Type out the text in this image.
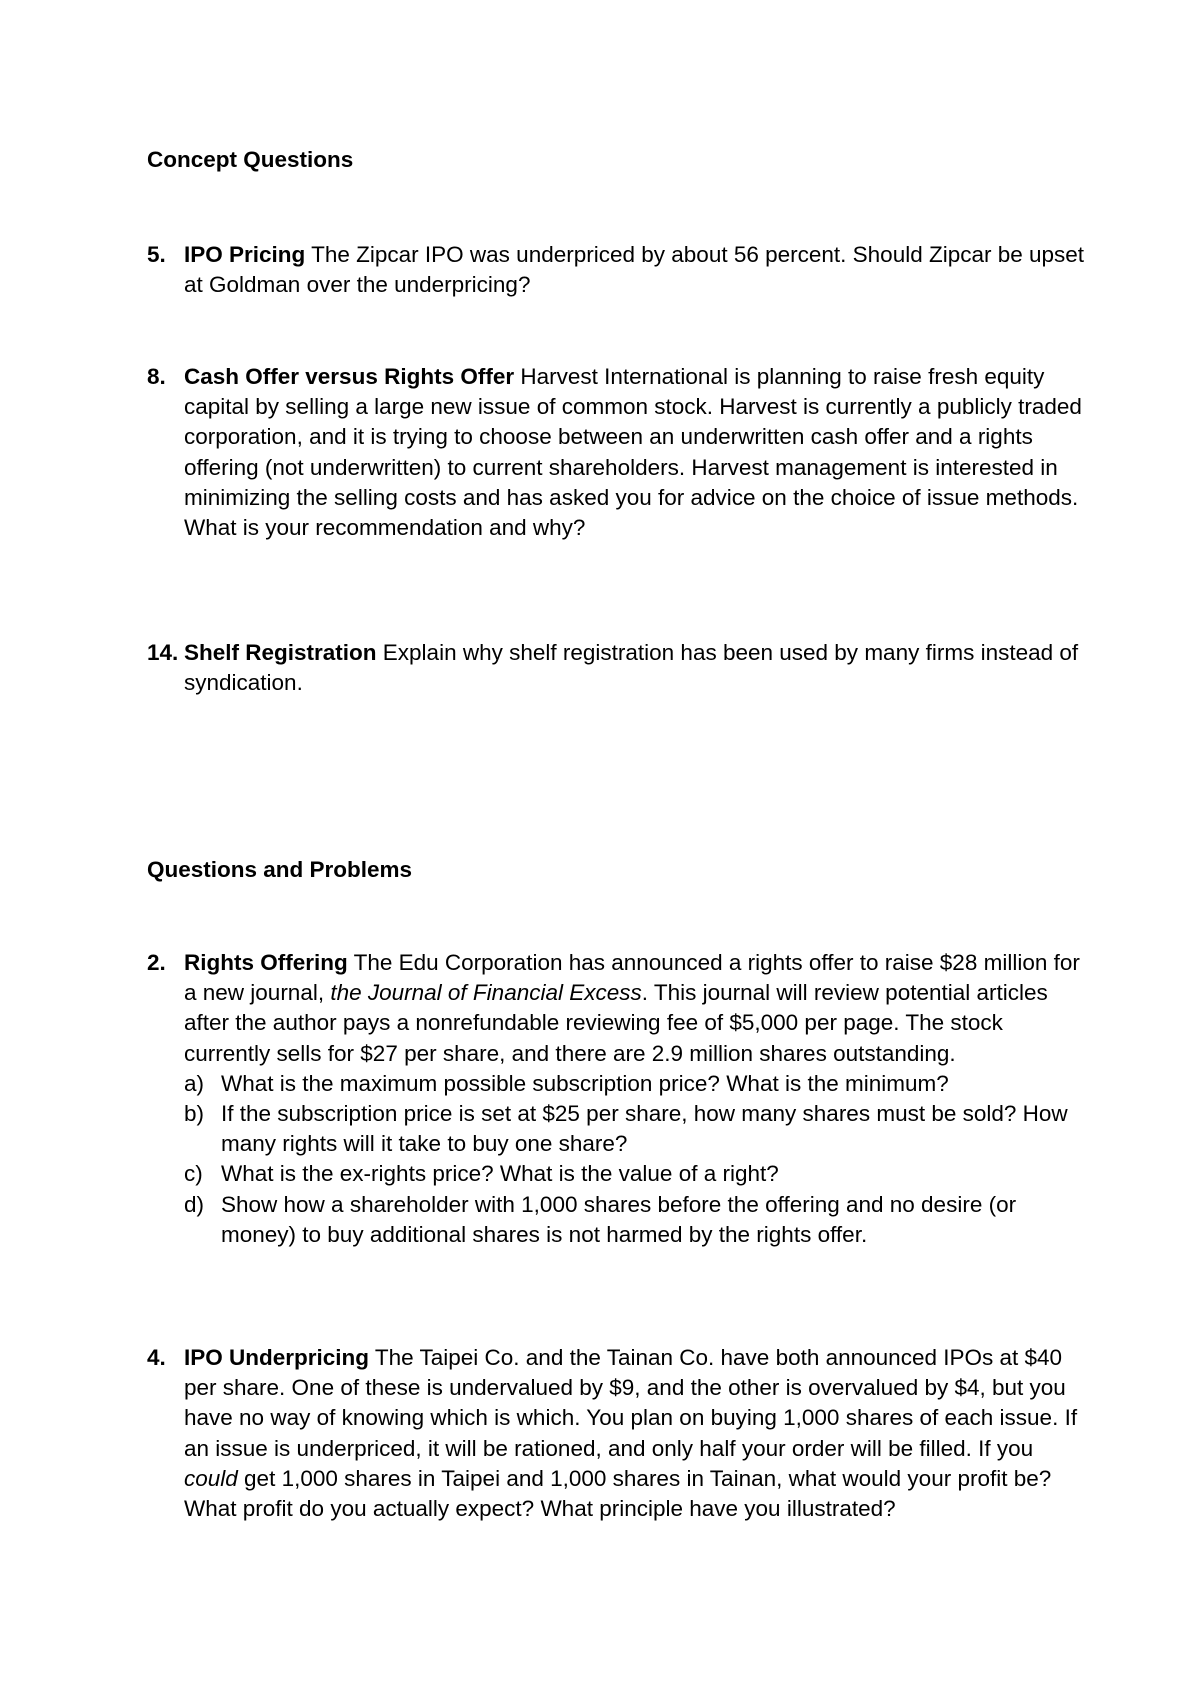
Concept Questions
5. IPO Pricing The Zipcar IPO was underpriced by about 56 percent. Should Zipcar be upset at Goldman over the underpricing?
8. Cash Offer versus Rights Offer Harvest International is planning to raise fresh equity capital by selling a large new issue of common stock. Harvest is currently a publicly traded corporation, and it is trying to choose between an underwritten cash offer and a rights offering (not underwritten) to current shareholders. Harvest management is interested in minimizing the selling costs and has asked you for advice on the choice of issue methods. What is your recommendation and why?
14. Shelf Registration Explain why shelf registration has been used by many firms instead of syndication.
Questions and Problems
2. Rights Offering The Edu Corporation has announced a rights offer to raise $28 million for a new journal, the Journal of Financial Excess. This journal will review potential articles after the author pays a nonrefundable reviewing fee of $5,000 per page. The stock currently sells for $27 per share, and there are 2.9 million shares outstanding.
a) What is the maximum possible subscription price? What is the minimum?
b) If the subscription price is set at $25 per share, how many shares must be sold? How many rights will it take to buy one share?
c) What is the ex-rights price? What is the value of a right?
d) Show how a shareholder with 1,000 shares before the offering and no desire (or money) to buy additional shares is not harmed by the rights offer.
4. IPO Underpricing The Taipei Co. and the Tainan Co. have both announced IPOs at $40 per share. One of these is undervalued by $9, and the other is overvalued by $4, but you have no way of knowing which is which. You plan on buying 1,000 shares of each issue. If an issue is underpriced, it will be rationed, and only half your order will be filled. If you could get 1,000 shares in Taipei and 1,000 shares in Tainan, what would your profit be? What profit do you actually expect? What principle have you illustrated?
